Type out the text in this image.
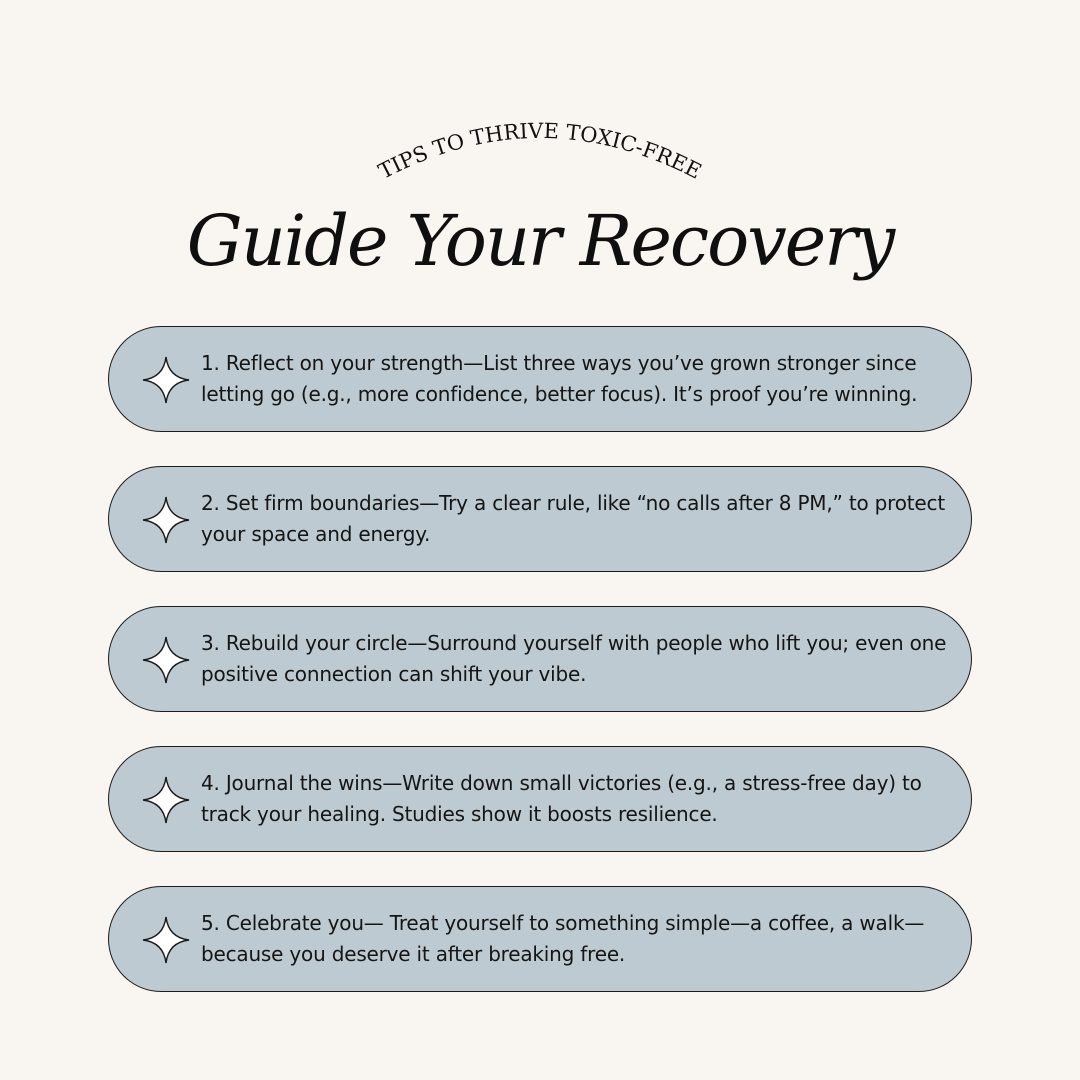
TIPS TO THRIVE TOXIC-FREE
Guide Your Recovery
1. Reflect on your strength—List three ways you’ve grown stronger since letting go (e.g., more confidence, better focus). It’s proof you’re winning.
2. Set firm boundaries—Try a clear rule, like “no calls after 8 PM,” to protect your space and energy.
3. Rebuild your circle—Surround yourself with people who lift you; even one positive connection can shift your vibe.
4. Journal the wins—Write down small victories (e.g., a stress-free day) to track your healing. Studies show it boosts resilience.
5. Celebrate you— Treat yourself to something simple—a coffee, a walk—because you deserve it after breaking free.
